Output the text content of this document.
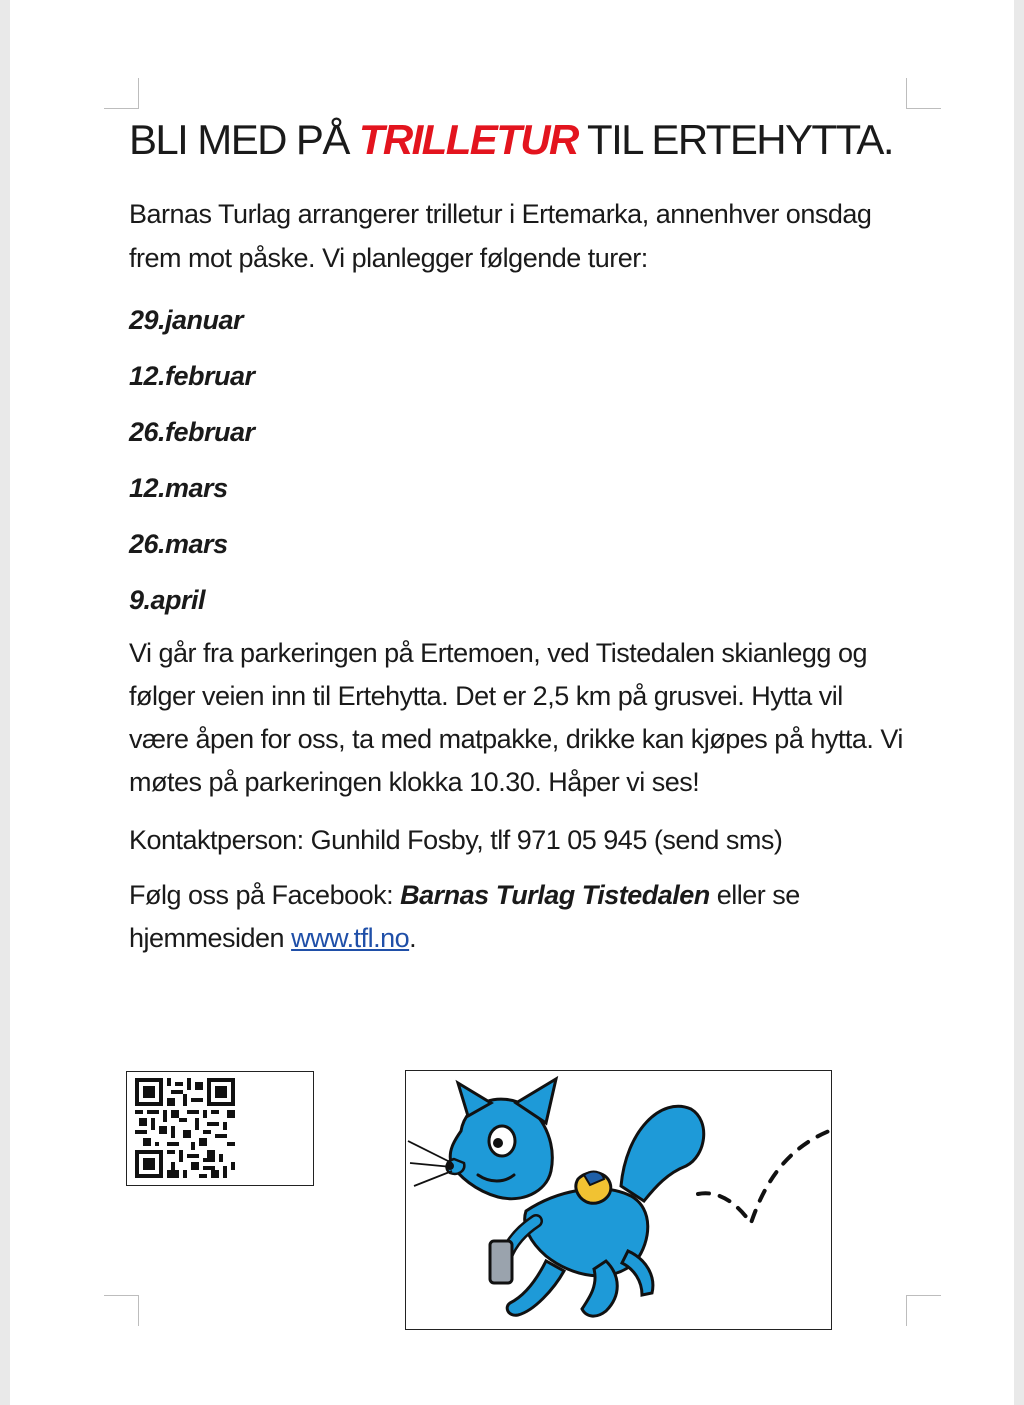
BLI MED PÅ TRILLETUR TIL ERTEHYTTA.

Barnas Turlag arrangerer trilletur i Ertemarka, annenhver onsdag frem mot påske. Vi planlegger følgende turer:

29.januar
12.februar
26.februar
12.mars
26.mars
9.april

Vi går fra parkeringen på Ertemoen, ved Tistedalen skianlegg og følger veien inn til Ertehytta. Det er 2,5 km på grusvei. Hytta vil være åpen for oss, ta med matpakke, drikke kan kjøpes på hytta. Vi møtes på parkeringen klokka 10.30. Håper vi ses!

Kontaktperson: Gunhild Fosby, tlf 971 05 945 (send sms)

Følg oss på Facebook: Barnas Turlag Tistedalen eller se hjemmesiden www.tfl.no.
